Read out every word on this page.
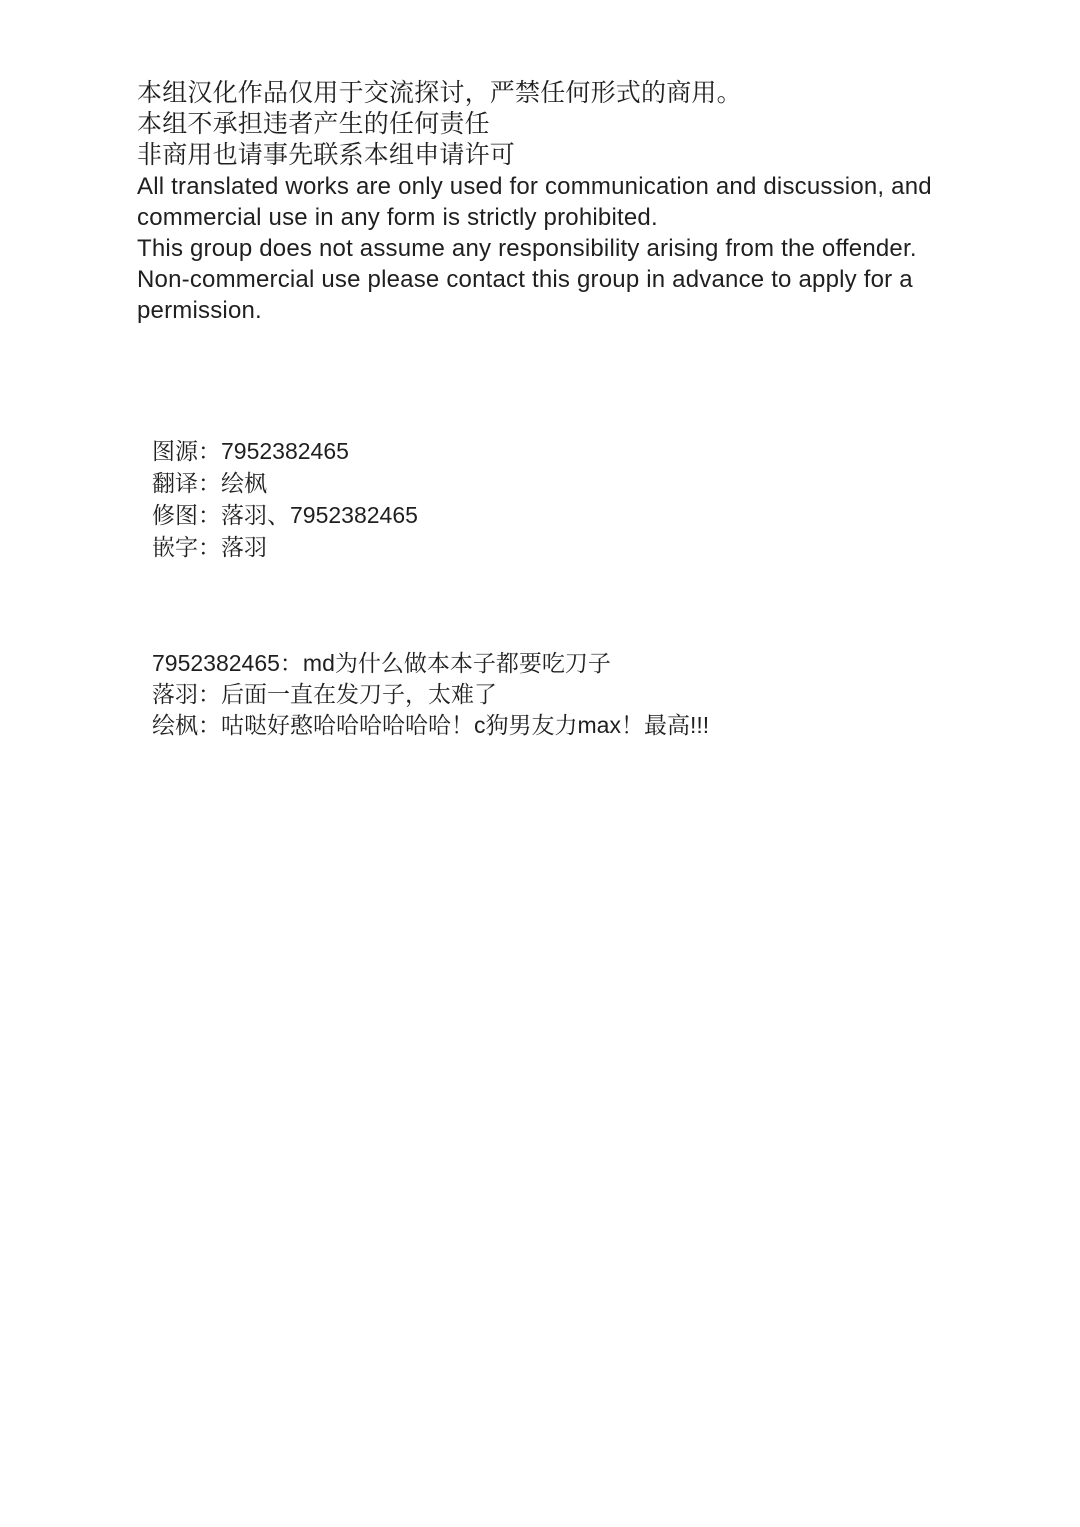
本组汉化作品仅用于交流探讨，严禁任何形式的商用。

本组不承担违者产生的任何责任

非商用也请事先联系本组申请许可

All translated works are only used for communication and discussion, and commercial use in any form is strictly prohibited.

This group does not assume any responsibility arising from the offender.

Non-commercial use please contact this group in advance to apply for a permission.

图源：7952382465
翻译：绘枫
修图：落羽、7952382465
嵌字：落羽
7952382465：md为什么做本本子都要吃刀子
落羽：后面一直在发刀子，太难了
绘枫：咕哒好憨哈哈哈哈哈哈！c狗男友力max！最高!!!
